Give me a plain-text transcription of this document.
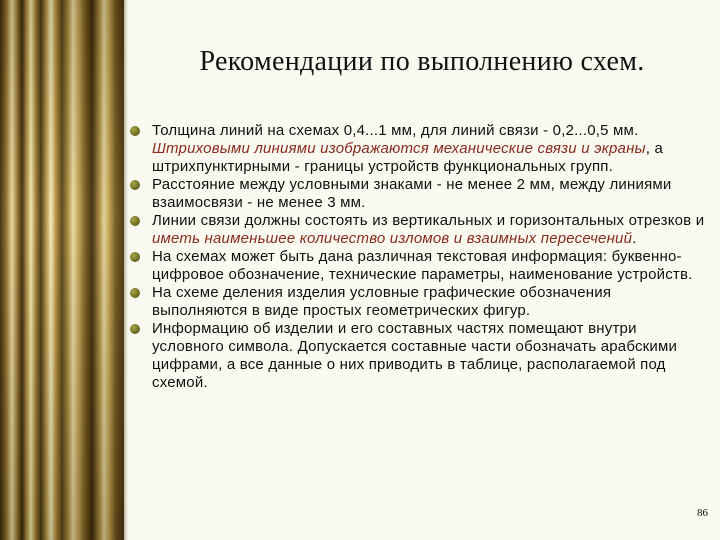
Рекомендации по выполнению схем.
Толщина линий на схемах 0,4...1 мм, для линий связи - 0,2...0,5 мм. Штриховыми линиями изображаются механические связи и экраны, а штрихпунктирными - границы устройств функциональных групп.
Расстояние между условными знаками - не менее 2 мм, между линиями взаимосвязи - не менее 3 мм.
Линии связи должны состоять из вертикальных и горизонтальных отрезков и иметь наименьшее количество изломов и взаимных пересечений.
На схемах может быть дана различная текстовая информация: буквенно-цифровое обозначение, технические параметры, наименование устройств.
На схеме деления изделия условные графические обозначения выполняются в виде простых геометрических фигур.
Информацию об изделии и его составных частях помещают внутри условного символа. Допускается составные части обозначать арабскими цифрами, а все данные о них приводить в таблице, располагаемой под схемой.
86
